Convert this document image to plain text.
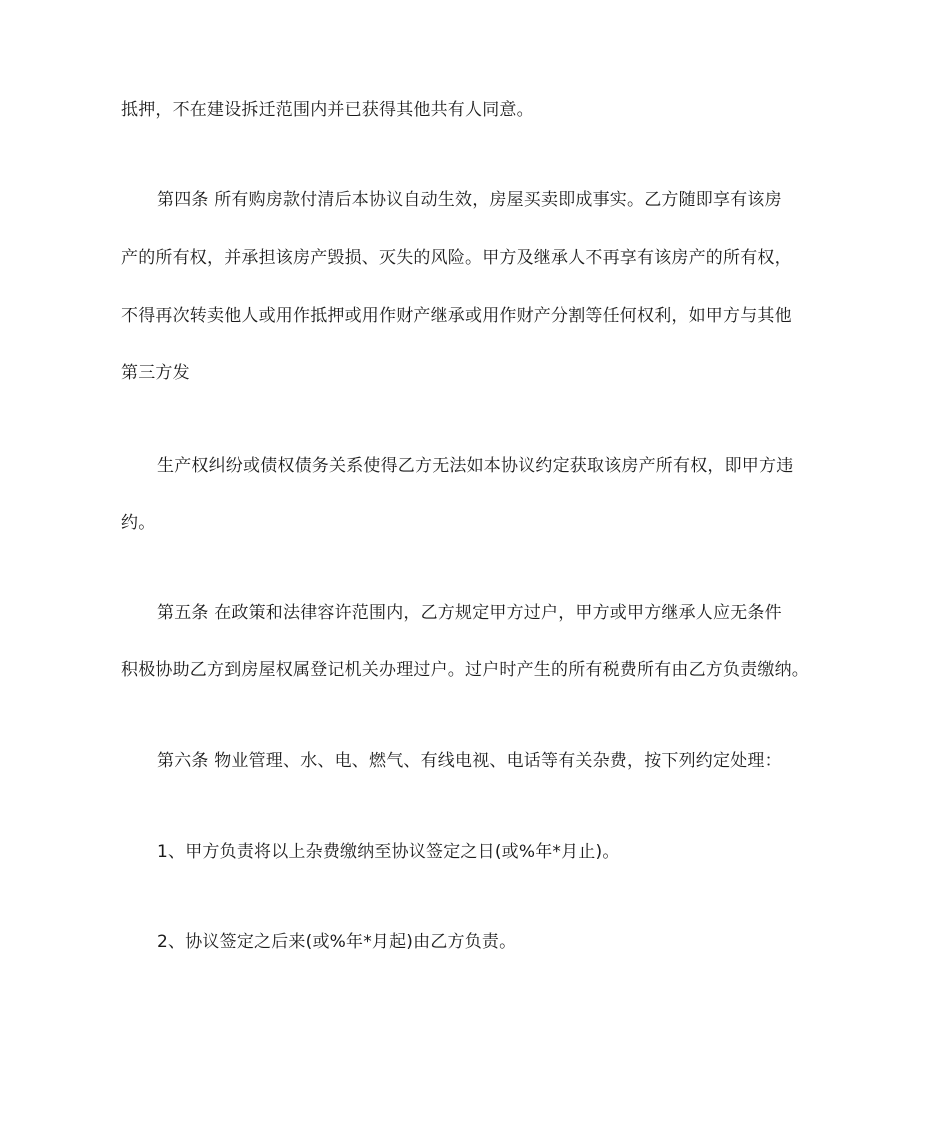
抵押，不在建设拆迁范围内并已获得其他共有人同意。
第四条 所有购房款付清后本协议自动生效，房屋买卖即成事实。乙方随即享有该房
产的所有权，并承担该房产毁损、灭失的风险。甲方及继承人不再享有该房产的所有权，
不得再次转卖他人或用作抵押或用作财产继承或用作财产分割等任何权利，如甲方与其他
第三方发
生产权纠纷或债权债务关系使得乙方无法如本协议约定获取该房产所有权，即甲方违
约。
第五条 在政策和法律容许范围内，乙方规定甲方过户，甲方或甲方继承人应无条件
积极协助乙方到房屋权属登记机关办理过户。过户时产生的所有税费所有由乙方负责缴纳。
第六条 物业管理、水、电、燃气、有线电视、电话等有关杂费，按下列约定处理：
1、甲方负责将以上杂费缴纳至协议签定之日(或%年*月止)。
2、协议签定之后来(或%年*月起)由乙方负责。
